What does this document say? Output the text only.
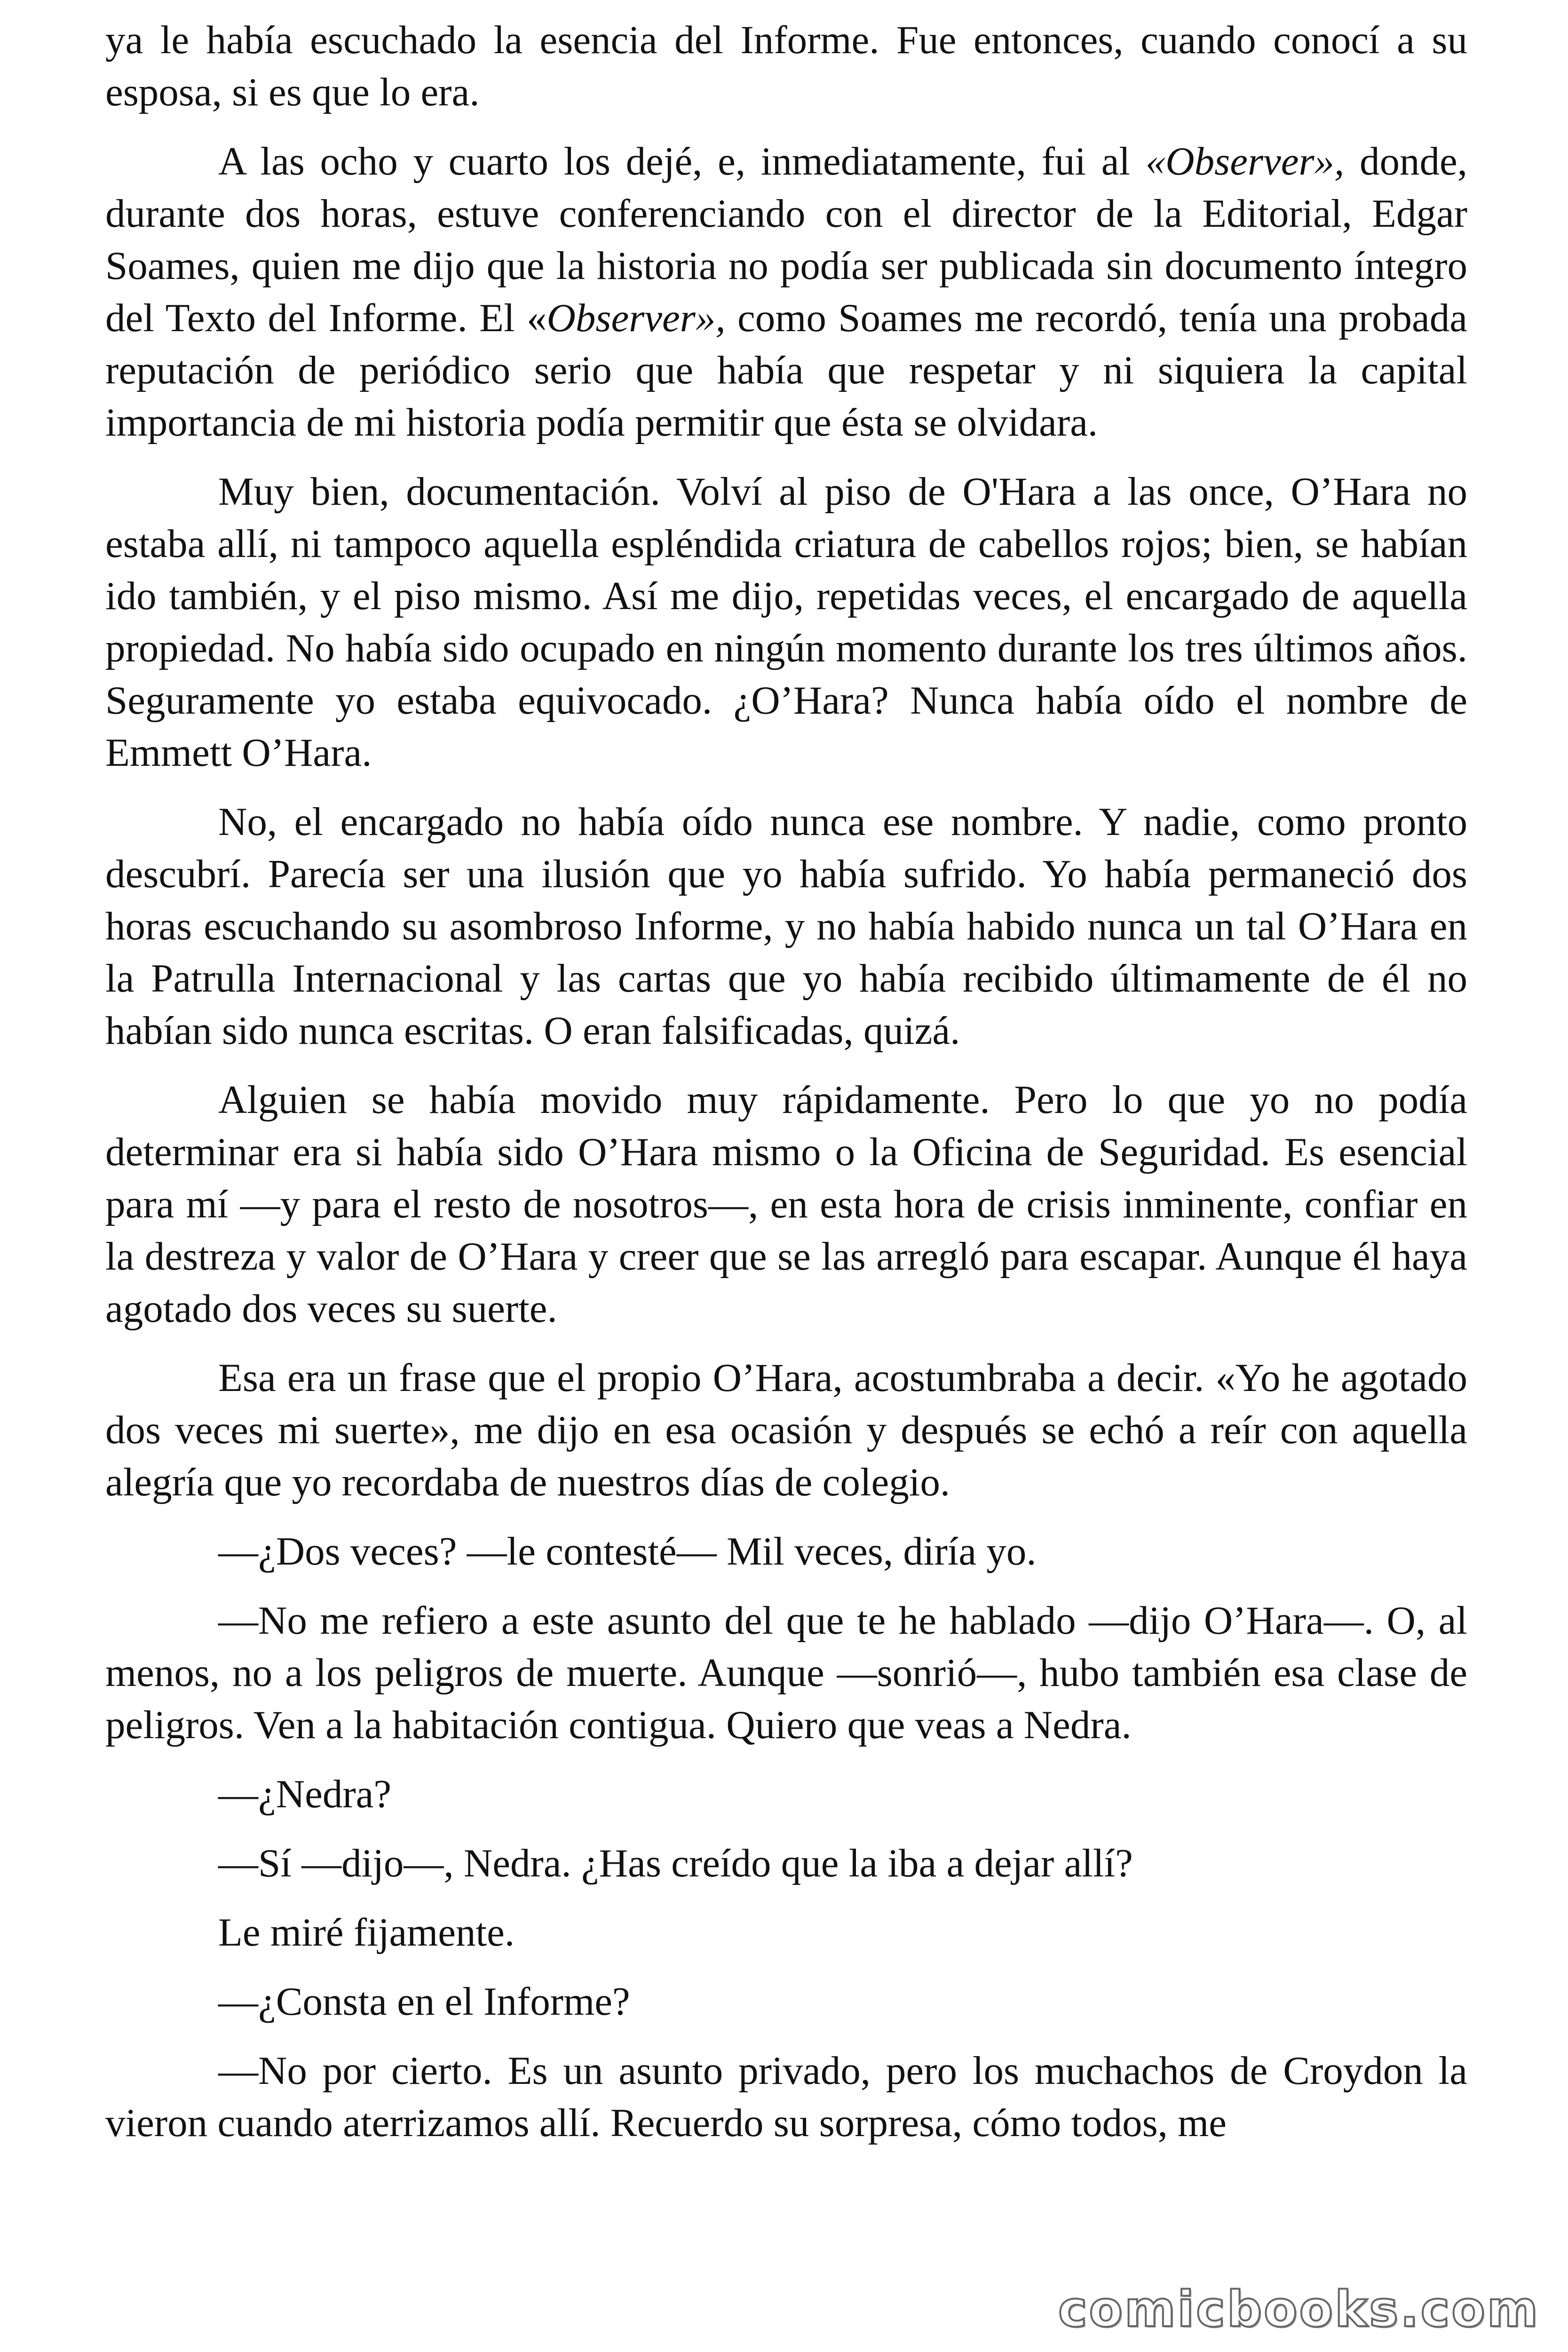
ya le había escuchado la esencia del Informe. Fue entonces, cuando conocí a su esposa, si es que lo era.

A las ocho y cuarto los dejé, e, inmediatamente, fui al «Observer», donde, durante dos horas, estuve conferenciando con el director de la Editorial, Edgar Soames, quien me dijo que la historia no podía ser publicada sin documento íntegro del Texto del Informe. El «Observer», como Soames me recordó, tenía una probada reputación de periódico serio que había que respetar y ni siquiera la capital importancia de mi historia podía permitir que ésta se olvidara.

Muy bien, documentación. Volví al piso de O'Hara a las once, O’Hara no estaba allí, ni tampoco aquella espléndida criatura de cabellos rojos; bien, se habían ido también, y el piso mismo. Así me dijo, repetidas veces, el encargado de aquella propiedad. No había sido ocupado en ningún momento durante los tres últimos años. Seguramente yo estaba equivocado. ¿O’Hara? Nunca había oído el nombre de Emmett O’Hara.

No, el encargado no había oído nunca ese nombre. Y nadie, como pronto descubrí. Parecía ser una ilusión que yo había sufrido. Yo había permaneció dos horas escuchando su asombroso Informe, y no había habido nunca un tal O’Hara en la Patrulla Internacional y las cartas que yo había recibido últimamente de él no habían sido nunca escritas. O eran falsificadas, quizá.

Alguien se había movido muy rápidamente. Pero lo que yo no podía determinar era si había sido O’Hara mismo o la Oficina de Seguridad. Es esencial para mí —y para el resto de nosotros—, en esta hora de crisis inminente, confiar en la destreza y valor de O’Hara y creer que se las arregló para escapar. Aunque él haya agotado dos veces su suerte.

Esa era un frase que el propio O’Hara, acostumbraba a decir. «Yo he agotado dos veces mi suerte», me dijo en esa ocasión y después se echó a reír con aquella alegría que yo recordaba de nuestros días de colegio.

—¿Dos veces? —le contesté— Mil veces, diría yo.

—No me refiero a este asunto del que te he hablado —dijo O’Hara—. O, al menos, no a los peligros de muerte. Aunque —sonrió—, hubo también esa clase de peligros. Ven a la habitación contigua. Quiero que veas a Nedra.

—¿Nedra?

—Sí —dijo—, Nedra. ¿Has creído que la iba a dejar allí?

Le miré fijamente.

—¿Consta en el Informe?

—No por cierto. Es un asunto privado, pero los muchachos de Croydon la vieron cuando aterrizamos allí. Recuerdo su sorpresa, cómo todos, me

comicbooks.com
